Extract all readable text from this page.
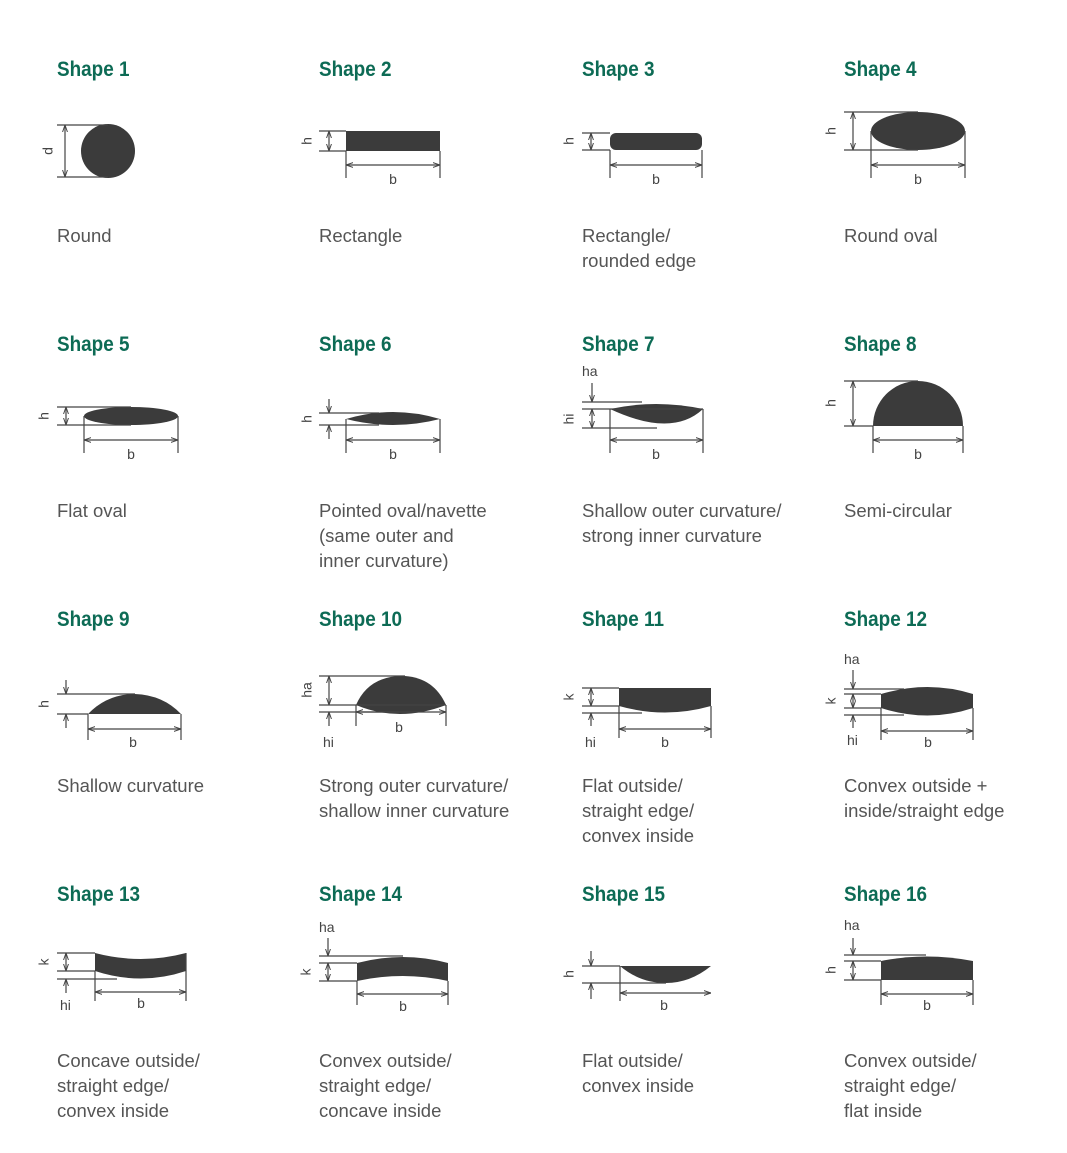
Shape 1
d

Round

Shape 2
h
b

Rectangle

Shape 3
h
b

Rectangle/
rounded edge

Shape 4
h
b

Round oval

Shape 5
h
b

Flat oval

Shape 6
h
b

Pointed oval/navette
(same outer and
inner curvature)

Shape 7
ha
hi
b

Shallow outer curvature/
strong inner curvature

Shape 8
h
b

Semi-circular

Shape 9
h
b

Shallow curvature

Shape 10
ha
hi
b

Strong outer curvature/
shallow inner curvature

Shape 11
k
hi	b

Flat outside/
straight edge/
convex inside

Shape 12
ha
k
hi	b

Convex outside +
inside/straight edge

Shape 13
k
hi	b

Concave outside/
straight edge/
convex inside

Shape 14
ha
k
b

Convex outside/
straight edge/
concave inside

Shape 15
h
b

Flat outside/
convex inside

Shape 16
ha
h
b

Convex outside/
straight edge/
flat inside
